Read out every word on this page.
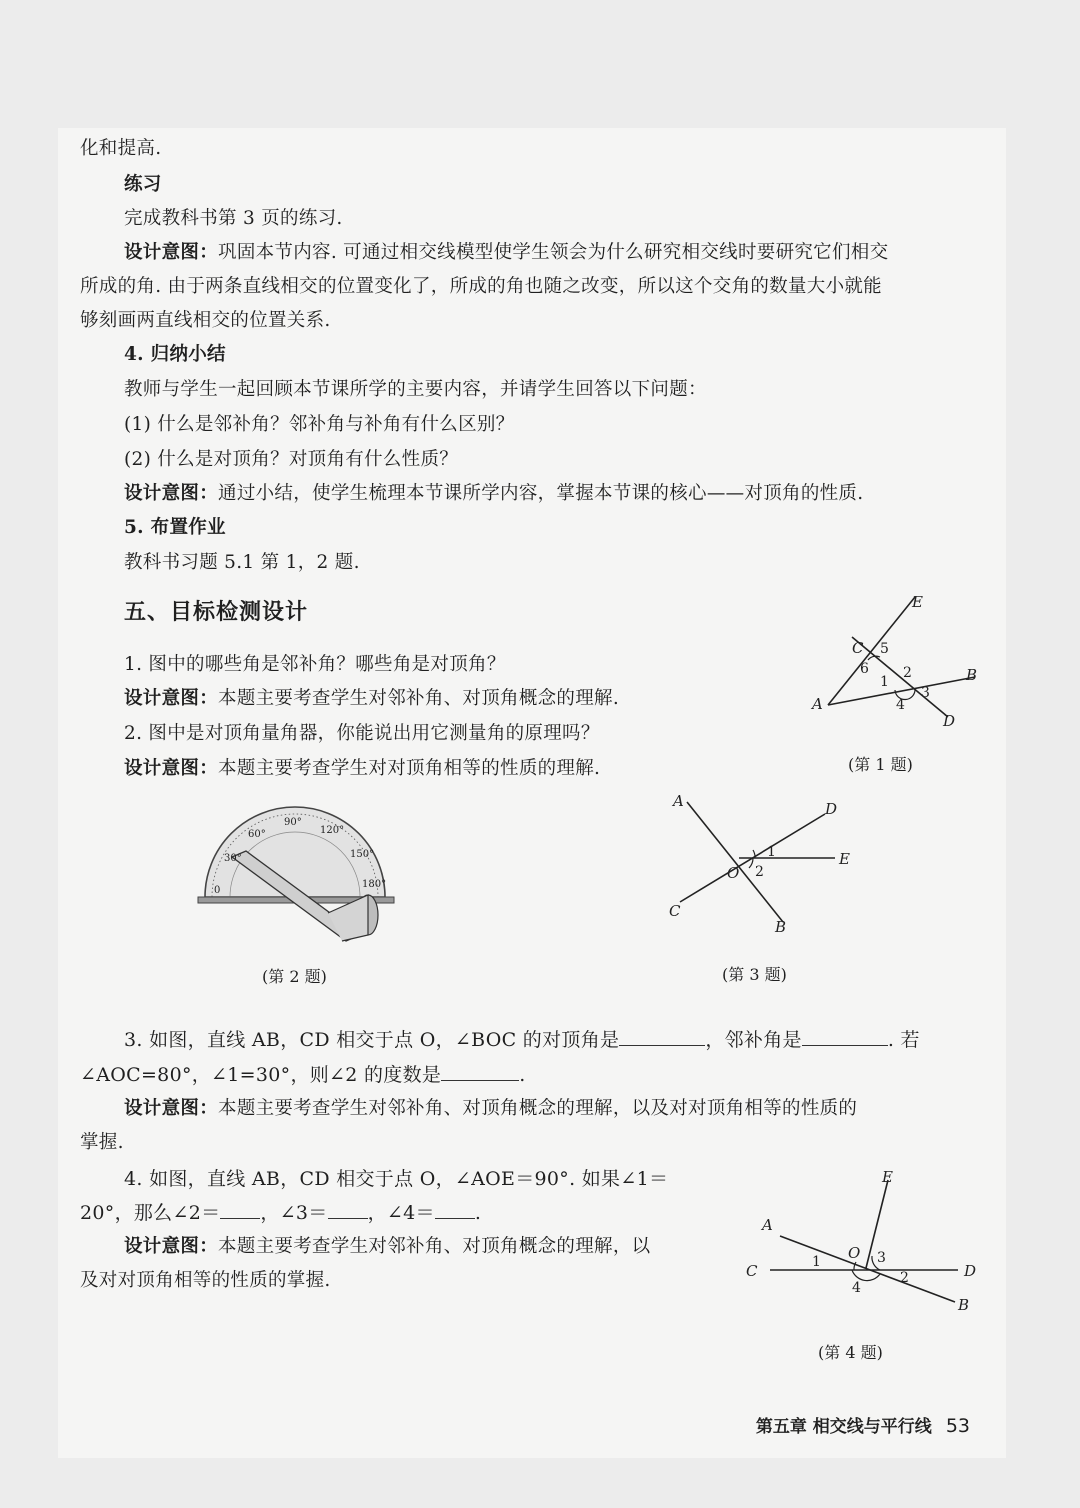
化和提高.
练习
完成教科书第 3 页的练习.
设计意图：巩固本节内容. 可通过相交线模型使学生领会为什么研究相交线时要研究它们相交
所成的角. 由于两条直线相交的位置变化了，所成的角也随之改变，所以这个交角的数量大小就能
够刻画两直线相交的位置关系.
4. 归纳小结
教师与学生一起回顾本节课所学的主要内容，并请学生回答以下问题：
(1) 什么是邻补角？邻补角与补角有什么区别？
(2) 什么是对顶角？对顶角有什么性质？
设计意图：通过小结，使学生梳理本节课所学内容，掌握本节课的核心——对顶角的性质.
5. 布置作业
教科书习题 5.1 第 1，2 题.
五、目标检测设计
1. 图中的哪些角是邻补角？哪些角是对顶角？
设计意图：本题主要考查学生对邻补角、对顶角概念的理解.
2. 图中是对顶角量角器，你能说出用它测量角的原理吗？
设计意图：本题主要考查学生对对顶角相等的性质的理解.
E
C 5
6 2
1
3
B
A	4
D
(第 1 题)
0
30°
60°
90°
120°
150°
180°
(第 2 题)
A	D
1	E
O 2
C
B
(第 3 题)
3. 如图，直线 AB，CD 相交于点 O，∠BOC 的对顶角是	，邻补角是	. 若
∠AOC=80°，∠1=30°，则∠2 的度数是	.
设计意图：本题主要考查学生对邻补角、对顶角概念的理解，以及对对顶角相等的性质的
掌握.
4. 如图，直线 AB，CD 相交于点 O，∠AOE＝90°. 如果∠1＝
20°，那么∠2＝ ，∠3＝ ，∠4＝ .
设计意图：本题主要考查学生对邻补角、对顶角概念的理解，以
及对对顶角相等的性质的掌握.
E
A
O 3
C	1
2	D
4
B
(第 4 题)
第五章 相交线与平行线 53
